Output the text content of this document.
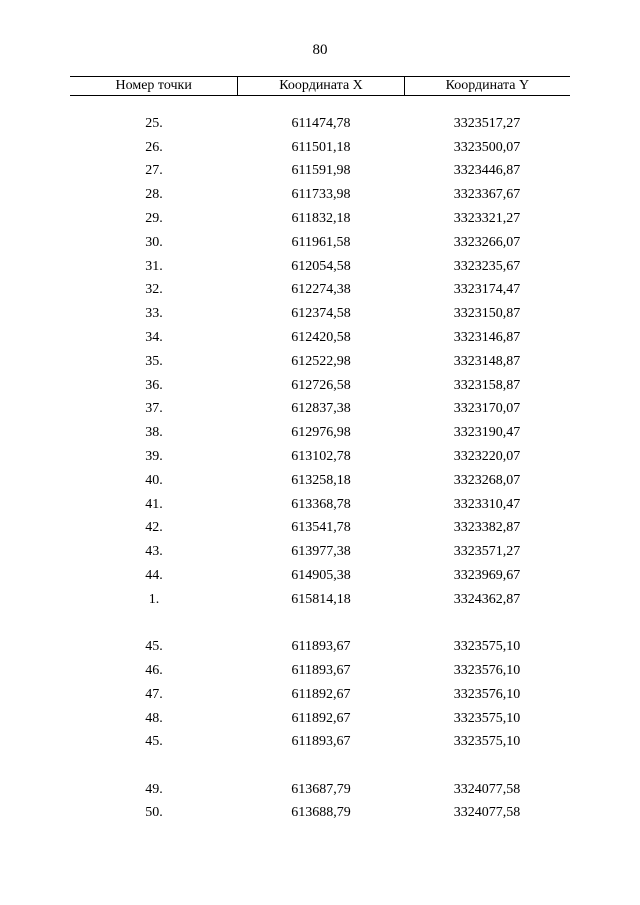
80
Номер точки	Координата X	Координата Y
25.	611474,78	3323517,27
26.	611501,18	3323500,07
27.	611591,98	3323446,87
28.	611733,98	3323367,67
29.	611832,18	3323321,27
30.	611961,58	3323266,07
31.	612054,58	3323235,67
32.	612274,38	3323174,47
33.	612374,58	3323150,87
34.	612420,58	3323146,87
35.	612522,98	3323148,87
36.	612726,58	3323158,87
37.	612837,38	3323170,07
38.	612976,98	3323190,47
39.	613102,78	3323220,07
40.	613258,18	3323268,07
41.	613368,78	3323310,47
42.	613541,78	3323382,87
43.	613977,38	3323571,27
44.	614905,38	3323969,67
1.	615814,18	3324362,87
45.	611893,67	3323575,10
46.	611893,67	3323576,10
47.	611892,67	3323576,10
48.	611892,67	3323575,10
45.	611893,67	3323575,10
49.	613687,79	3324077,58
50.	613688,79	3324077,58
